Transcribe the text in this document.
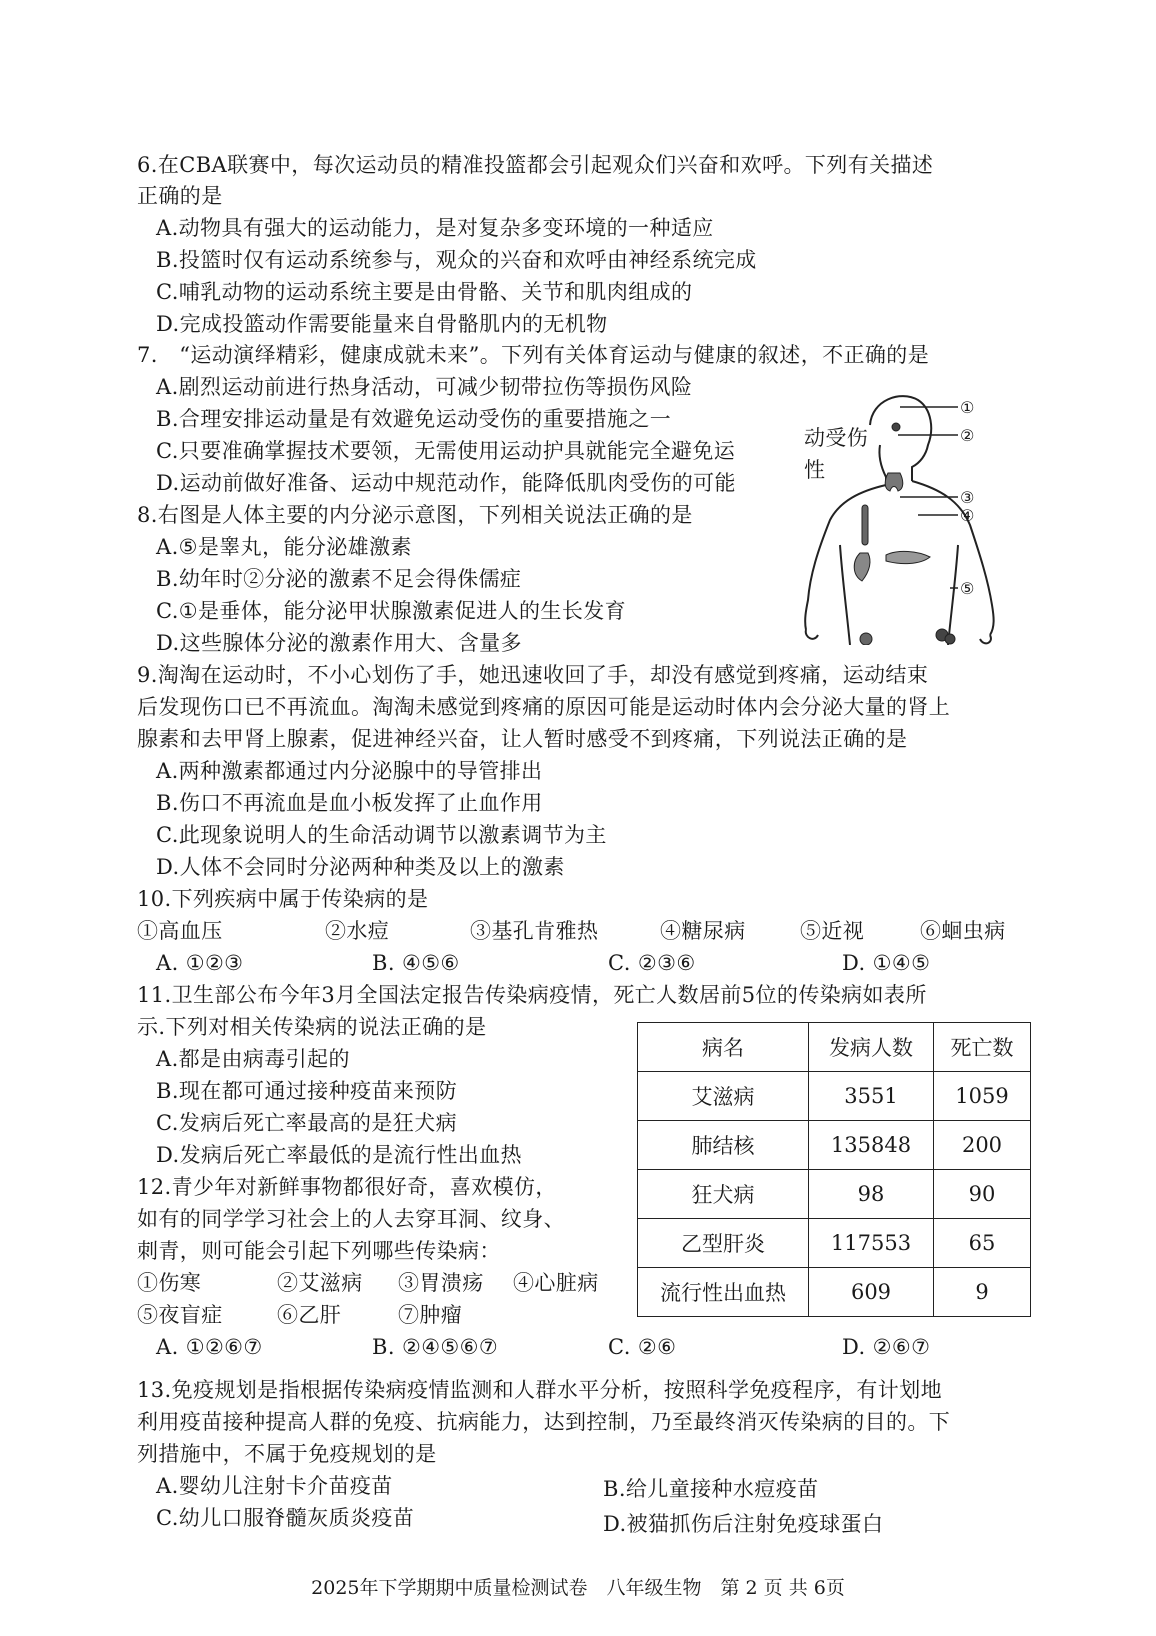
6.在CBA联赛中，每次运动员的精准投篮都会引起观众们兴奋和欢呼。下列有关描述
正确的是
A.动物具有强大的运动能力，是对复杂多变环境的一种适应
B.投篮时仅有运动系统参与，观众的兴奋和欢呼由神经系统完成
C.哺乳动物的运动系统主要是由骨骼、关节和肌肉组成的
D.完成投篮动作需要能量来自骨骼肌内的无机物
7.　“运动演绎精彩，健康成就未来”。下列有关体育运动与健康的叙述，不正确的是
A.剧烈运动前进行热身活动，可减少韧带拉伤等损伤风险
B.合理安排运动量是有效避免运动受伤的重要措施之一
C.只要准确掌握技术要领，无需使用运动护具就能完全避免运
D.运动前做好准备、运动中规范动作，能降低肌肉受伤的可能
①
②
③
④
⑤
动受伤
性
8.右图是人体主要的内分泌示意图，下列相关说法正确的是
A.⑤是睾丸，能分泌雄激素
B.幼年时②分泌的激素不足会得侏儒症
C.①是垂体，能分泌甲状腺激素促进人的生长发育
D.这些腺体分泌的激素作用大、含量多
9.淘淘在运动时，不小心划伤了手，她迅速收回了手，却没有感觉到疼痛，运动结束
后发现伤口已不再流血。淘淘未感觉到疼痛的原因可能是运动时体内会分泌大量的肾上
腺素和去甲肾上腺素，促进神经兴奋，让人暂时感受不到疼痛，下列说法正确的是
A.两种激素都通过内分泌腺中的导管排出
B.伤口不再流血是血小板发挥了止血作用
C.此现象说明人的生命活动调节以激素调节为主
D.人体不会同时分泌两种种类及以上的激素
10.下列疾病中属于传染病的是
①高血压	②水痘	③基孔肯雅热	④糖尿病	⑤近视	⑥蛔虫病
A. ①②③	B. ④⑤⑥	C. ②③⑥	D. ①④⑤
11.卫生部公布今年3月全国法定报告传染病疫情，死亡人数居前5位的传染病如表所
示.下列对相关传染病的说法正确的是
A.都是由病毒引起的
B.现在都可通过接种疫苗来预防
C.发病后死亡率最高的是狂犬病
D.发病后死亡率最低的是流行性出血热
病名	发病人数	死亡数
艾滋病	3551	1059
肺结核	135848	200
狂犬病	98	90
乙型肝炎	117553	65
流行性出血热	609	9
12.青少年对新鲜事物都很好奇，喜欢模仿，
如有的同学学习社会上的人去穿耳洞、纹身、
刺青，则可能会引起下列哪些传染病：
①伤寒	②艾滋病 ③胃溃疡 ④心脏病
⑤夜盲症	⑥乙肝	⑦肿瘤
A. ①②⑥⑦	B. ②④⑤⑥⑦	C. ②⑥	D. ②⑥⑦
13.免疫规划是指根据传染病疫情监测和人群水平分析，按照科学免疫程序，有计划地
利用疫苗接种提高人群的免疫、抗病能力，达到控制，乃至最终消灭传染病的目的。下
列措施中，不属于免疫规划的是
A.婴幼儿注射卡介苗疫苗	B.给儿童接种水痘疫苗
C.幼儿口服脊髓灰质炎疫苗	D.被猫抓伤后注射免疫球蛋白
2025年下学期期中质量检测试卷　八年级生物　第 2 页 共 6页
